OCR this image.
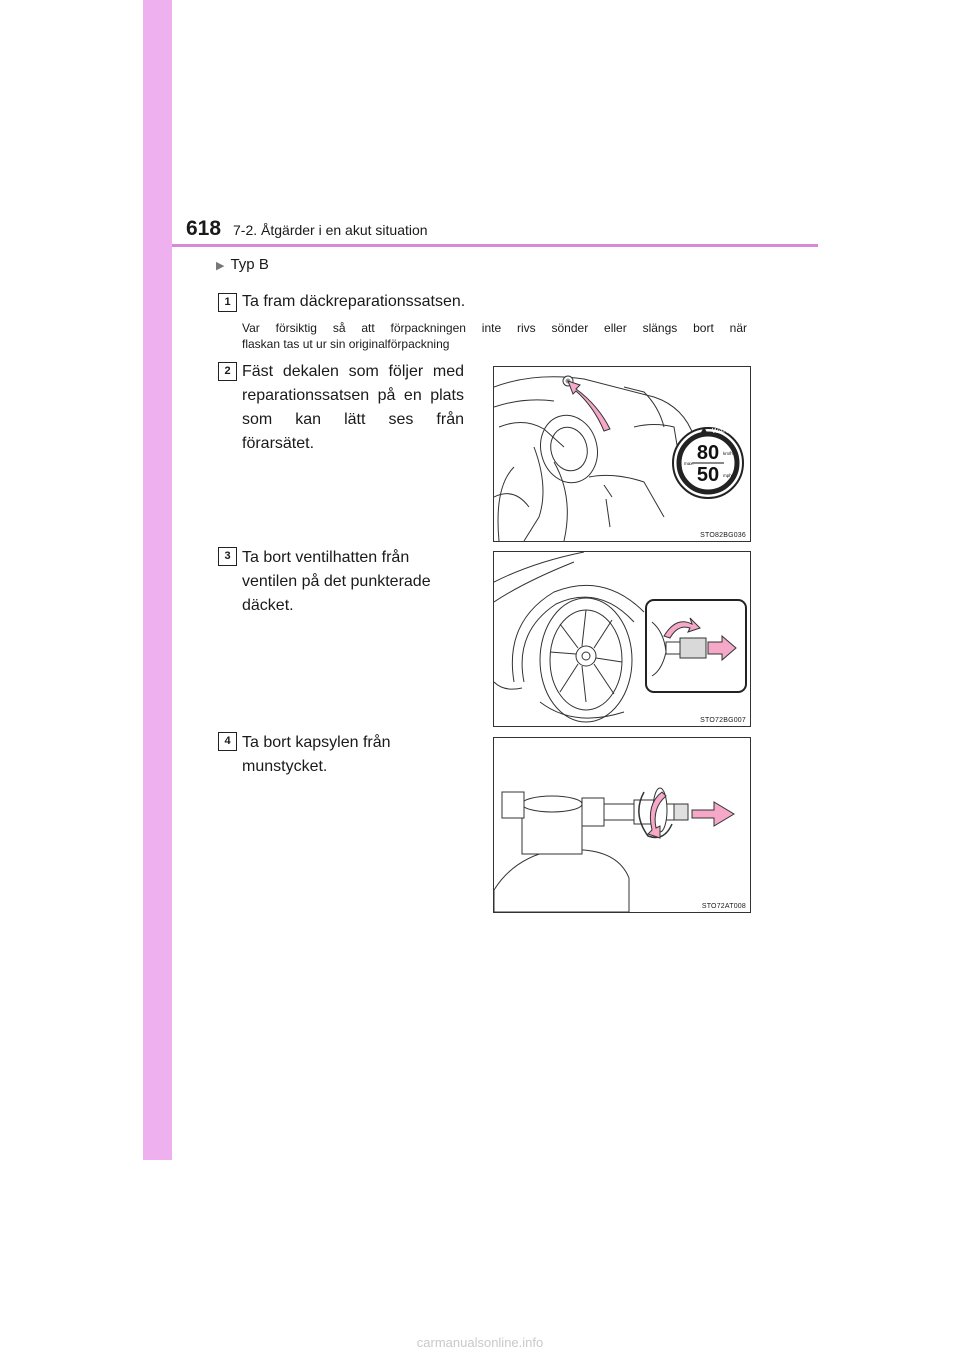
618 7-2. Åtgärder i en akut situation
▶ Typ B
1 Ta fram däckreparationssatsen.
Var försiktig så att förpackningen inte rivs sönder eller slängs bort när
flaskan tas ut ur sin originalförpackning
2 Fäst dekalen som följer med
reparationssatsen på en plats
som kan lätt ses från förarsätet.
WARNING
80
50
km/h
mph
max.
STO82BG036
3 Ta bort ventilhatten från
ventilen på det punkterade
däcket.
STO72BG007
4 Ta bort kapsylen från
munstycket.
STO72AT008
carmanualsonline.info
